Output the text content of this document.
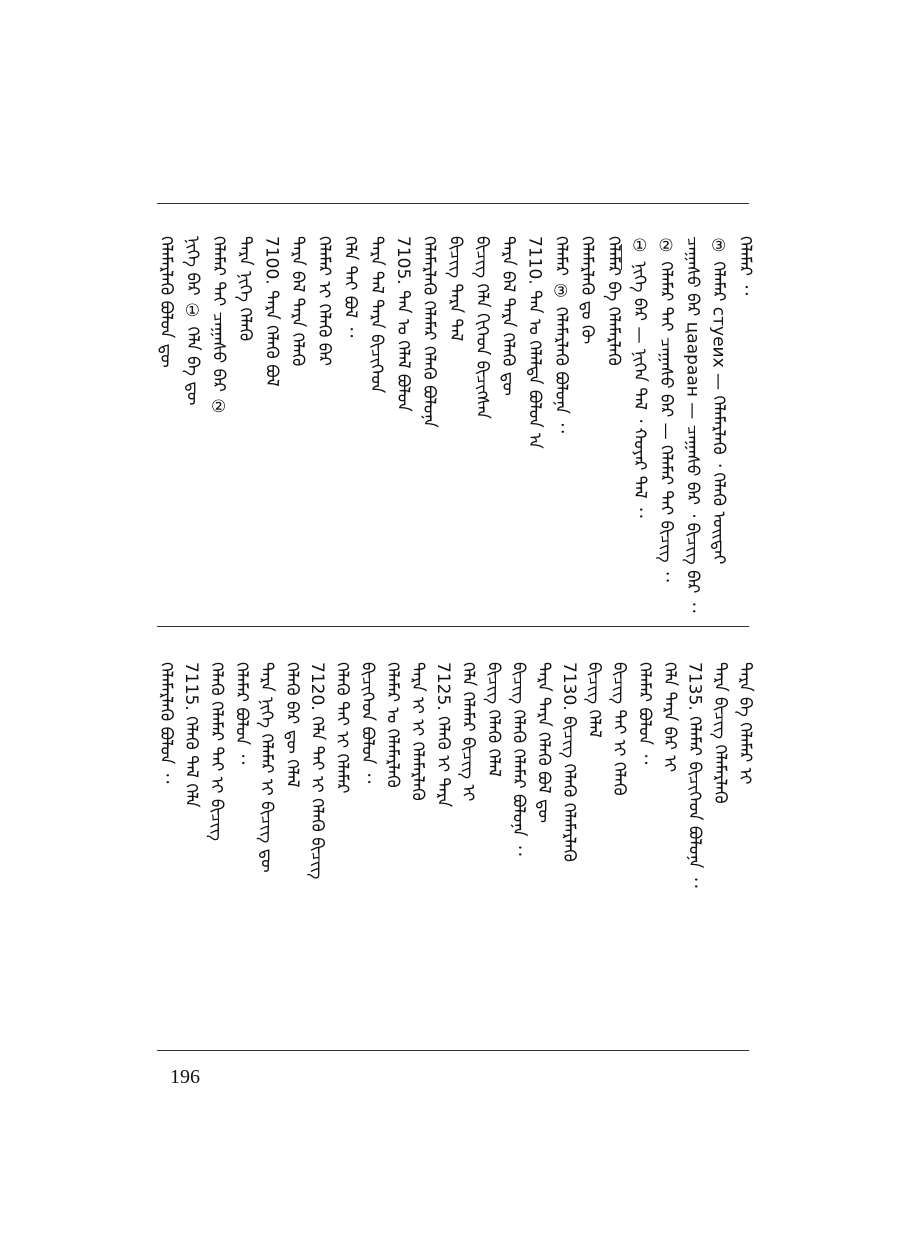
ᠬᠡᠯᠡᠮᠡᠷ ᠂᠂
③ ᠬᠡᠯᠡᠮᠡᠷ cтуеих — ᠬᠡᠯᠡᠮᠡᠷᠯᠡᠬᠦ ᠂ ᠬᠡᠯᠡᠬᠦ ᠤᠢᠲᠠᠢ
ᠴᠠᠭᠠᠰᠤ ᠪᠠᠷ цаараан — ᠴᠠᠭᠠᠰᠤ ᠪᠠᠷ ᠂ ᠪᠢᠴᠢᠭ ᠪᠠᠷ ᠂᠂
② ᠬᠡᠯᠡᠮᠡᠷ ᠲᠠᠢ ᠴᠠᠭᠠᠰᠤ ᠪᠠᠷ — ᠬᠡᠯᠡᠮᠡᠷ ᠲᠠᠢ ᠪᠢᠴᠢᠭ ᠂᠂
① ᠨᠢᠭᠡ ᠪᠠᠷ — ᠨᠢᠭᠡᠨ ᠲᠠᠯ ᠂ ᠬᠣᠶᠠᠷ ᠲᠠᠯ ᠂᠂
ᠬᠡᠯᠡᠮᠡᠷ ᠪᠡ ᠬᠡᠯᠡᠮᠡᠷᠯᠡᠬᠦ
ᠬᠡᠯᠡᠮᠡᠷᠯᠡᠬᠦ ᠳᠣ ᠬᠦ
ᠬᠡᠯᠡᠮᠡᠷ ③ ᠬᠡᠯᠡᠮᠡᠷᠯᠡᠬᠦ ᠪᠣᠯᠤᠨᠠ ᠂᠂
7110. ᠲᠠᠨ ᠤ ᠬᠡᠯᠡᠯᠲᠡ ᠪᠣᠯᠤᠨ ᠠ
ᠲᠡᠷᠡ ᠪᠡᠯ ᠲᠡᠷᠡ ᠬᠡᠯᠡᠬᠦ ᠳᠦ
ᠪᠢᠴᠢᠭ ᠬᠡᠯᠡ ᠬᠢᠭᠡᠳ ᠪᠢᠴᠢᠭᠰᠡᠨ
ᠪᠢᠴᠢᠭ ᠲᠡᠷᠡ ᠲᠠᠯ
ᠬᠡᠯᠡᠮᠡᠷᠯᠡᠬᠦ ᠬᠡᠯᠡᠮᠡᠷ ᠬᠡᠯᠡᠬᠦ ᠪᠣᠯᠤᠨᠠ
7105. ᠲᠠᠨ ᠤ ᠬᠡᠯᠡᠯ ᠪᠣᠯᠤᠨ
ᠲᠡᠷᠡ ᠲᠠᠯ ᠲᠡᠷᠡ ᠪᠢᠴᠢᠭᠡᠳ
ᠬᠡᠯᠡ ᠲᠠᠢ ᠪᠣᠯ ᠂᠂
ᠬᠡᠯᠡᠮᠡᠷ ᠢ ᠬᠡᠯᠡᠬᠦ ᠪᠡᠷ
ᠲᠡᠷᠡ ᠪᠡᠯ ᠲᠡᠷᠡ ᠬᠡᠯᠡᠬᠦ
7100. ᠲᠡᠷᠡ ᠬᠡᠯᠡᠬᠦ ᠪᠣᠯ
ᠲᠡᠷᠡ ᠨᠢᠭᠡ ᠬᠡᠯᠡᠬᠦ
ᠬᠡᠯᠡᠮᠡᠷ ᠲᠠᠢ ᠴᠠᠭᠠᠰᠤ ᠪᠠᠷ ②
ᠨᠢᠭᠡ ᠪᠠᠷ ① ᠬᠡᠯᠡ ᠪᠡ ᠳᠦ
ᠬᠡᠯᠡᠮᠡᠷᠯᠡᠬᠦ ᠪᠣᠯᠤᠨ ᠳᠦ
ᠲᠡᠷᠡ ᠪᠡ ᠬᠡᠯᠡᠮᠡᠷ ᠢ
ᠲᠡᠷᠡ ᠪᠢᠴᠢᠭ ᠬᠡᠯᠡᠮᠡᠷᠯᠡᠬᠦ
7135. ᠬᠡᠯᠡᠮᠡᠷ ᠪᠢᠴᠢᠭᠡᠳ ᠪᠣᠯᠤᠨᠠ ᠂᠂
ᠬᠡᠯᠡ ᠲᠡᠷᠡ ᠪᠠᠷ ᠢ
ᠬᠡᠯᠡᠮᠡᠷ ᠪᠣᠯᠤᠨ ᠂᠂
ᠪᠢᠴᠢᠭ ᠲᠠᠢ ᠢ ᠬᠡᠯᠡᠬᠦ
ᠪᠢᠴᠢᠭ ᠬᠡᠯᠡᠯ
7130. ᠪᠢᠴᠢᠭ ᠬᠡᠯᠡᠬᠦ ᠬᠡᠯᠡᠮᠡᠷᠯᠡᠬᠦ
ᠲᠡᠷᠡ ᠲᠡᠷᠡ ᠬᠡᠯᠡᠬᠦ ᠪᠣᠯ ᠳᠦ
ᠪᠢᠴᠢᠭ ᠬᠡᠯᠡᠬᠦ ᠬᠡᠯᠡᠮᠡᠷ ᠪᠣᠯᠤᠨᠠ ᠂᠂
ᠪᠢᠴᠢᠭ ᠬᠡᠯᠡᠬᠦ ᠬᠡᠯᠡᠯ
ᠬᠡᠯᠡ ᠬᠡᠯᠡᠮᠡᠷ ᠪᠢᠴᠢᠭ ᠢ
7125. ᠬᠡᠯᠡᠬᠦ ᠢ ᠲᠡᠷᠡ
ᠲᠡᠷᠡ ᠢ ᠢ ᠬᠡᠯᠡᠮᠡᠷᠯᠡᠬᠦ
ᠬᠡᠯᠡᠮᠡᠷ ᠤ ᠬᠡᠯᠡᠮᠡᠷᠯᠡᠬᠦ
ᠪᠢᠴᠢᠭᠡᠳ ᠪᠣᠯᠤᠨ ᠂᠂
ᠬᠡᠯᠡᠬᠦ ᠲᠠᠢ ᠢ ᠬᠡᠯᠡᠮᠡᠷ
7120. ᠬᠡᠯᠡ ᠲᠠᠢ ᠢ ᠬᠡᠯᠡᠬᠦ ᠪᠢᠴᠢᠭ
ᠬᠡᠯᠡᠬᠦ ᠪᠠᠷ ᠳᠦ ᠬᠡᠯᠡᠯ
ᠲᠡᠷᠡ ᠨᠢᠭᠡ ᠬᠡᠯᠡᠮᠡᠷ ᠢ ᠪᠢᠴᠢᠭ ᠳᠦ
ᠬᠡᠯᠡᠮᠡᠷ ᠪᠣᠯᠤᠨ ᠂᠂
ᠬᠡᠯᠡᠬᠦ ᠬᠡᠯᠡᠮᠡᠷ ᠲᠠᠢ ᠢ ᠪᠢᠴᠢᠭ
7115. ᠬᠡᠯᠡᠬᠦ ᠲᠠᠯ ᠬᠡᠯᠡ
ᠬᠡᠯᠡᠮᠡᠷᠯᠡᠬᠦ ᠪᠣᠯᠤᠨ ᠂᠂
196
